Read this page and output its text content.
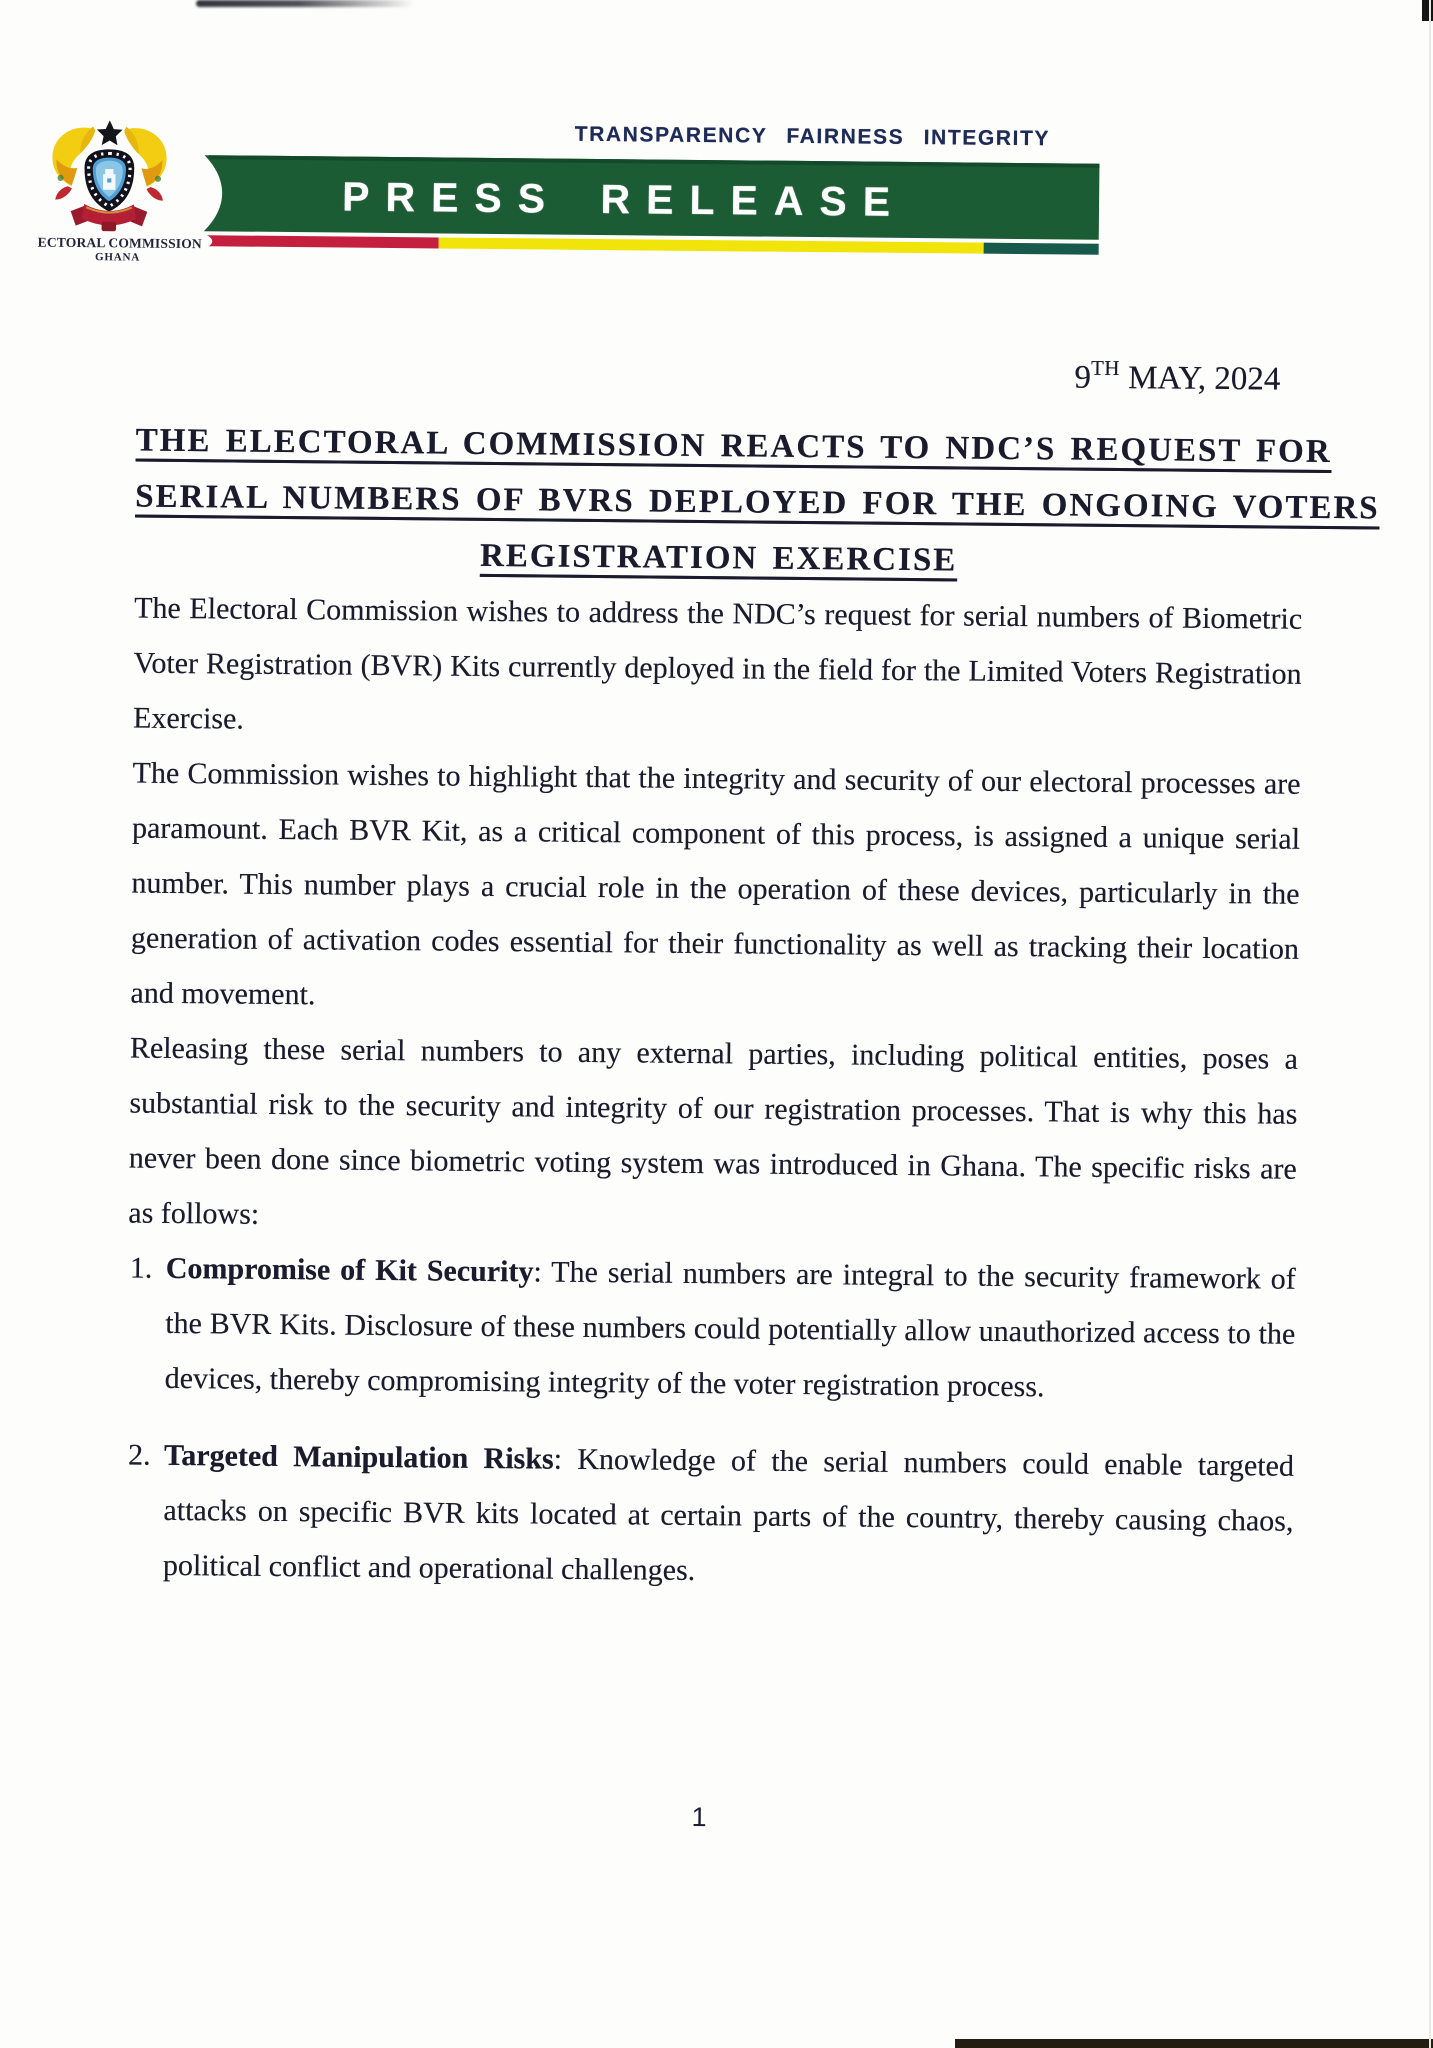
ECTORAL COMMISSION
GHANA
TRANSPARENCY FAIRNESS INTEGRITY
PRESS RELEASE
9TH MAY, 2024
THE ELECTORAL COMMISSION REACTS TO NDC’S REQUEST FOR
SERIAL NUMBERS OF BVRS DEPLOYED FOR THE ONGOING VOTERS
REGISTRATION EXERCISE

The Electoral Commission wishes to address the NDC’s request for serial numbers of Biometric Voter Registration (BVR) Kits currently deployed in the field for the Limited Voters Registration Exercise.

The Commission wishes to highlight that the integrity and security of our electoral processes are paramount. Each BVR Kit, as a critical component of this process, is assigned a unique serial number. This number plays a crucial role in the operation of these devices, particularly in the generation of activation codes essential for their functionality as well as tracking their location and movement.

Releasing these serial numbers to any external parties, including political entities, poses a substantial risk to the security and integrity of our registration processes. That is why this has never been done since biometric voting system was introduced in Ghana. The specific risks are as follows:

1. Compromise of Kit Security: The serial numbers are integral to the security framework of the BVR Kits. Disclosure of these numbers could potentially allow unauthorized access to the devices, thereby compromising integrity of the voter registration process.
2. Targeted Manipulation Risks: Knowledge of the serial numbers could enable targeted attacks on specific BVR kits located at certain parts of the country, thereby causing chaos, political conflict and operational challenges.
1
